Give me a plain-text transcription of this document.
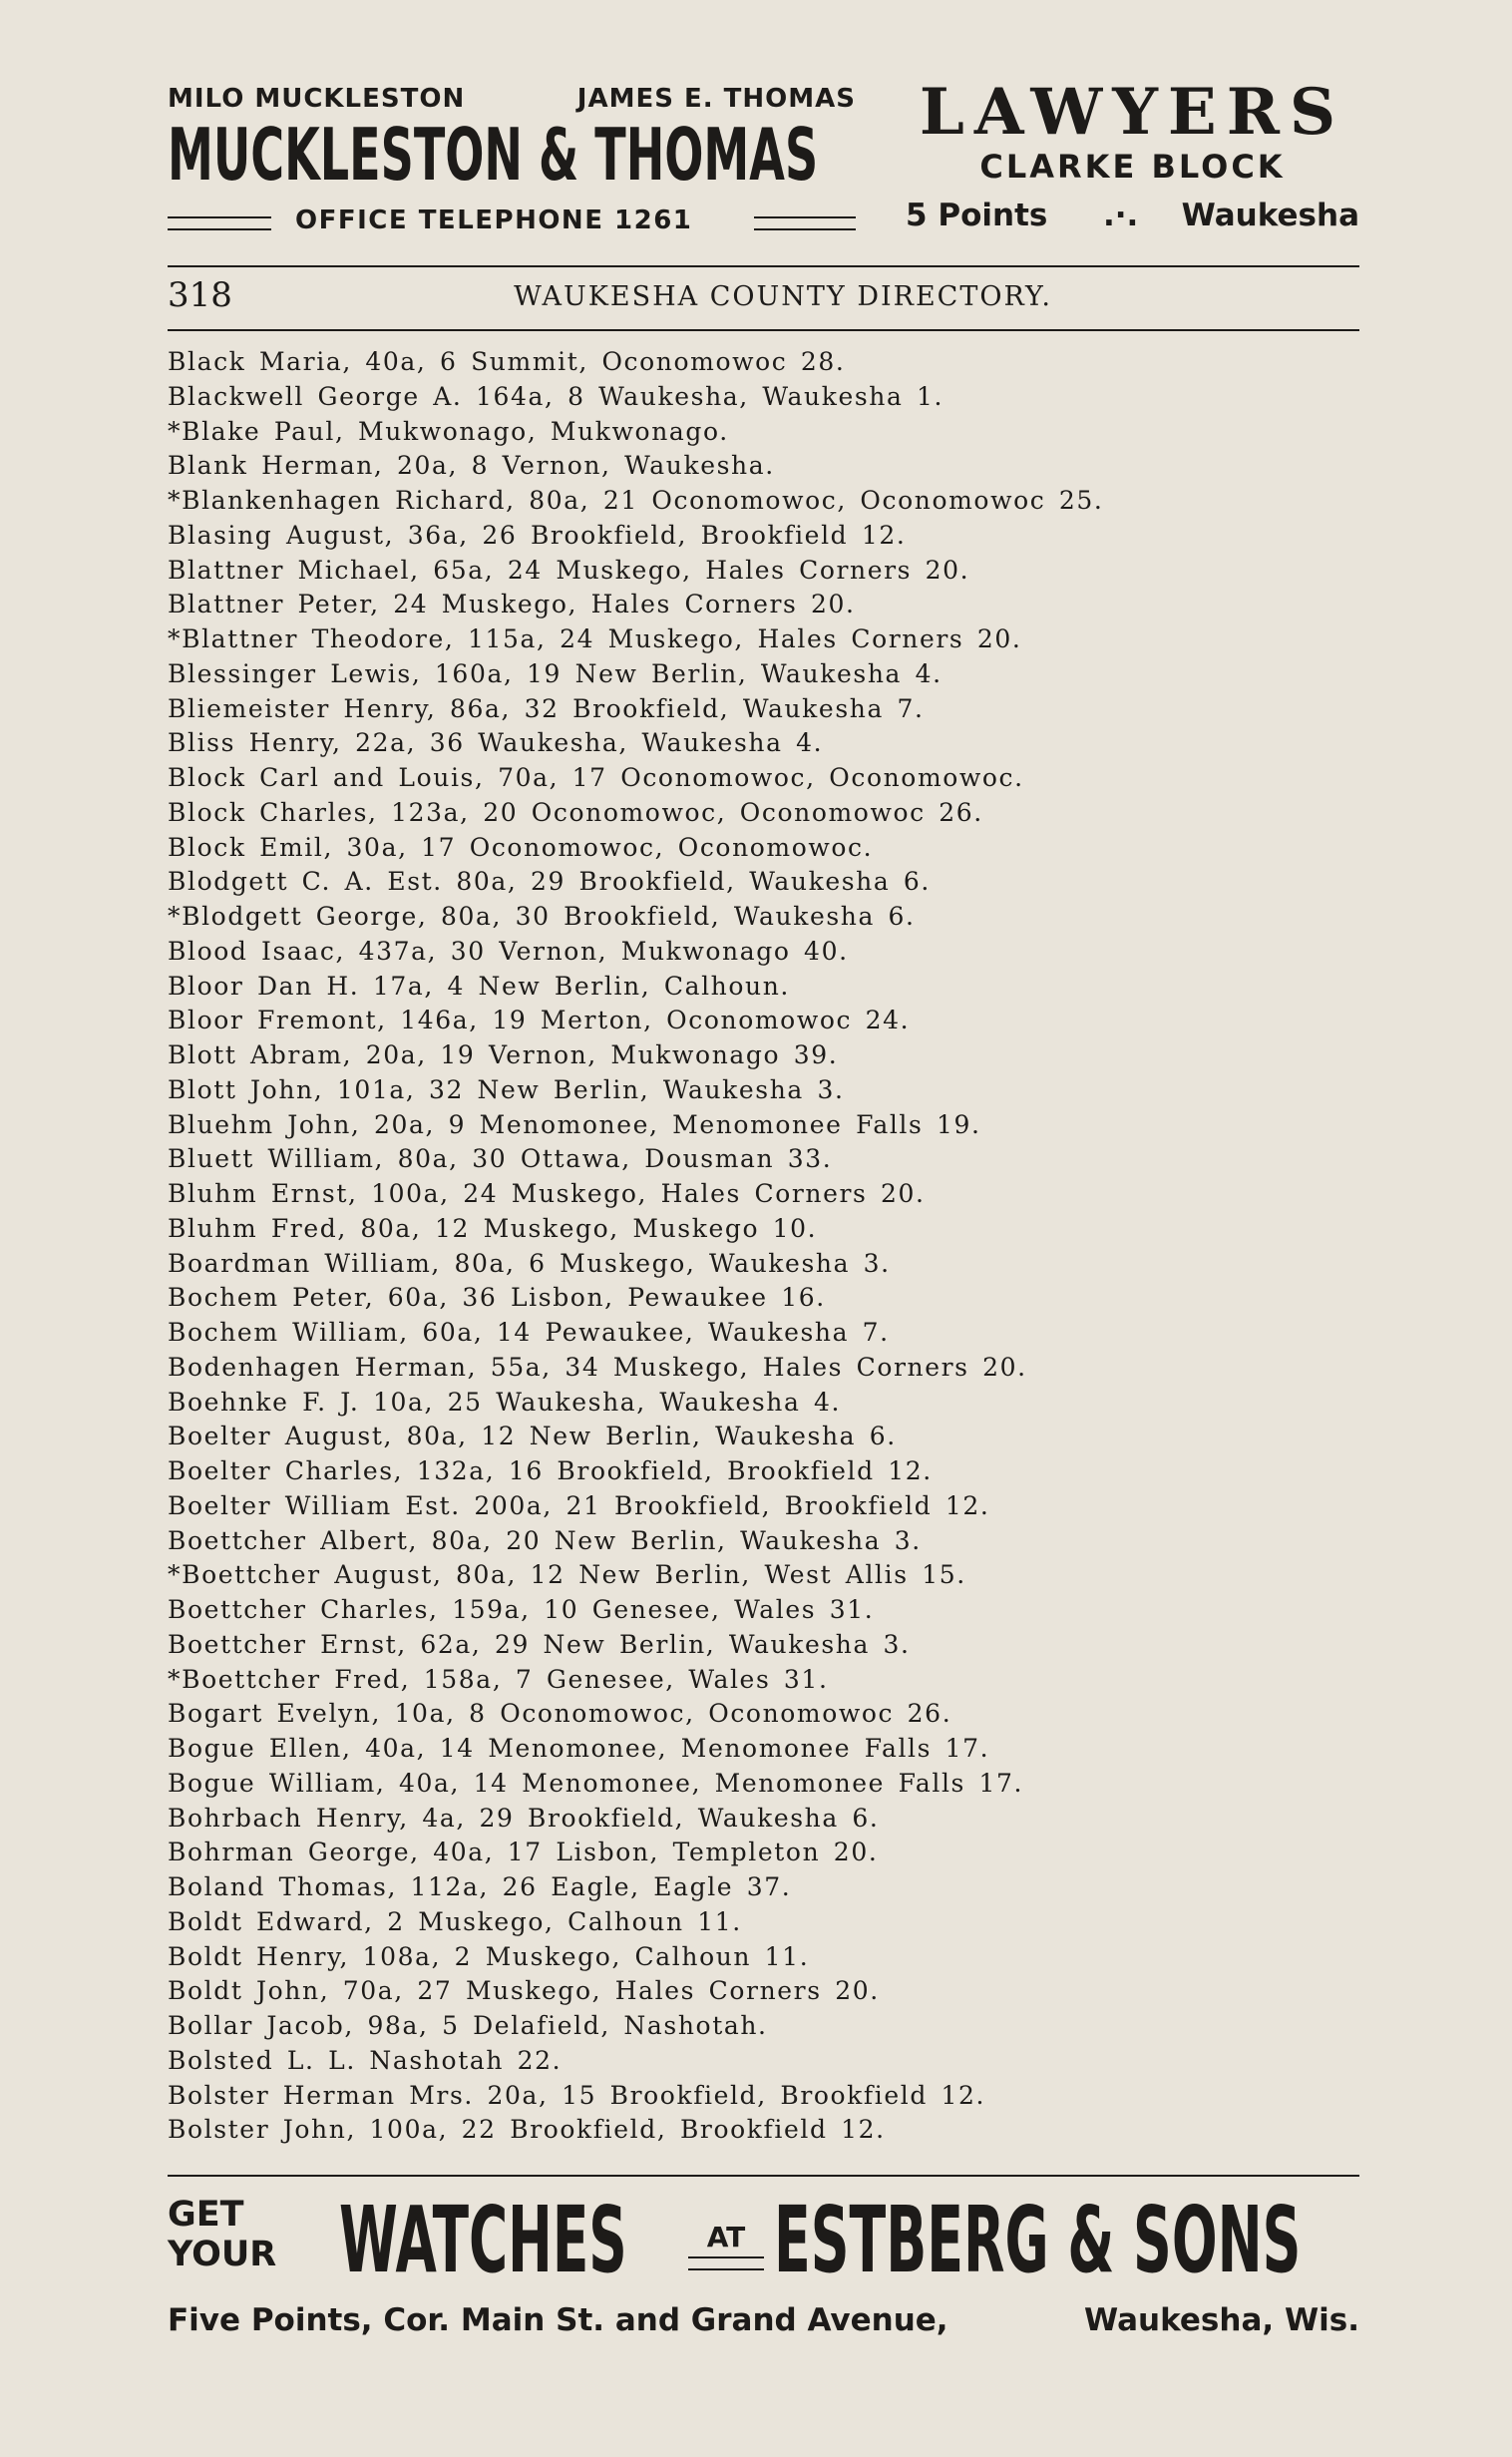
MILO MUCKLESTON	JAMES E. THOMAS
MUCKLESTON & THOMAS
OFFICE TELEPHONE 1261
LAWYERS
CLARKE BLOCK
5 Points .·. Waukesha
318	WAUKESHA COUNTY DIRECTORY.
Black Maria, 40a, 6 Summit, Oconomowoc 28.
Blackwell George A. 164a, 8 Waukesha, Waukesha 1.
*Blake Paul, Mukwonago, Mukwonago.
Blank Herman, 20a, 8 Vernon, Waukesha.
*Blankenhagen Richard, 80a, 21 Oconomowoc, Oconomowoc 25.
Blasing August, 36a, 26 Brookfield, Brookfield 12.
Blattner Michael, 65a, 24 Muskego, Hales Corners 20.
Blattner Peter, 24 Muskego, Hales Corners 20.
*Blattner Theodore, 115a, 24 Muskego, Hales Corners 20.
Blessinger Lewis, 160a, 19 New Berlin, Waukesha 4.
Bliemeister Henry, 86a, 32 Brookfield, Waukesha 7.
Bliss Henry, 22a, 36 Waukesha, Waukesha 4.
Block Carl and Louis, 70a, 17 Oconomowoc, Oconomowoc.
Block Charles, 123a, 20 Oconomowoc, Oconomowoc 26.
Block Emil, 30a, 17 Oconomowoc, Oconomowoc.
Blodgett C. A. Est. 80a, 29 Brookfield, Waukesha 6.
*Blodgett George, 80a, 30 Brookfield, Waukesha 6.
Blood Isaac, 437a, 30 Vernon, Mukwonago 40.
Bloor Dan H. 17a, 4 New Berlin, Calhoun.
Bloor Fremont, 146a, 19 Merton, Oconomowoc 24.
Blott Abram, 20a, 19 Vernon, Mukwonago 39.
Blott John, 101a, 32 New Berlin, Waukesha 3.
Bluehm John, 20a, 9 Menomonee, Menomonee Falls 19.
Bluett William, 80a, 30 Ottawa, Dousman 33.
Bluhm Ernst, 100a, 24 Muskego, Hales Corners 20.
Bluhm Fred, 80a, 12 Muskego, Muskego 10.
Boardman William, 80a, 6 Muskego, Waukesha 3.
Bochem Peter, 60a, 36 Lisbon, Pewaukee 16.
Bochem William, 60a, 14 Pewaukee, Waukesha 7.
Bodenhagen Herman, 55a, 34 Muskego, Hales Corners 20.
Boehnke F. J. 10a, 25 Waukesha, Waukesha 4.
Boelter August, 80a, 12 New Berlin, Waukesha 6.
Boelter Charles, 132a, 16 Brookfield, Brookfield 12.
Boelter William Est. 200a, 21 Brookfield, Brookfield 12.
Boettcher Albert, 80a, 20 New Berlin, Waukesha 3.
*Boettcher August, 80a, 12 New Berlin, West Allis 15.
Boettcher Charles, 159a, 10 Genesee, Wales 31.
Boettcher Ernst, 62a, 29 New Berlin, Waukesha 3.
*Boettcher Fred, 158a, 7 Genesee, Wales 31.
Bogart Evelyn, 10a, 8 Oconomowoc, Oconomowoc 26.
Bogue Ellen, 40a, 14 Menomonee, Menomonee Falls 17.
Bogue William, 40a, 14 Menomonee, Menomonee Falls 17.
Bohrbach Henry, 4a, 29 Brookfield, Waukesha 6.
Bohrman George, 40a, 17 Lisbon, Templeton 20.
Boland Thomas, 112a, 26 Eagle, Eagle 37.
Boldt Edward, 2 Muskego, Calhoun 11.
Boldt Henry, 108a, 2 Muskego, Calhoun 11.
Boldt John, 70a, 27 Muskego, Hales Corners 20.
Bollar Jacob, 98a, 5 Delafield, Nashotah.
Bolsted L. L. Nashotah 22.
Bolster Herman Mrs. 20a, 15 Brookfield, Brookfield 12.
Bolster John, 100a, 22 Brookfield, Brookfield 12.
GET
YOUR WATCHES	AT ESTBERG & SONS
Five Points, Cor. Main St. and Grand Avenue,	Waukesha, Wis.
